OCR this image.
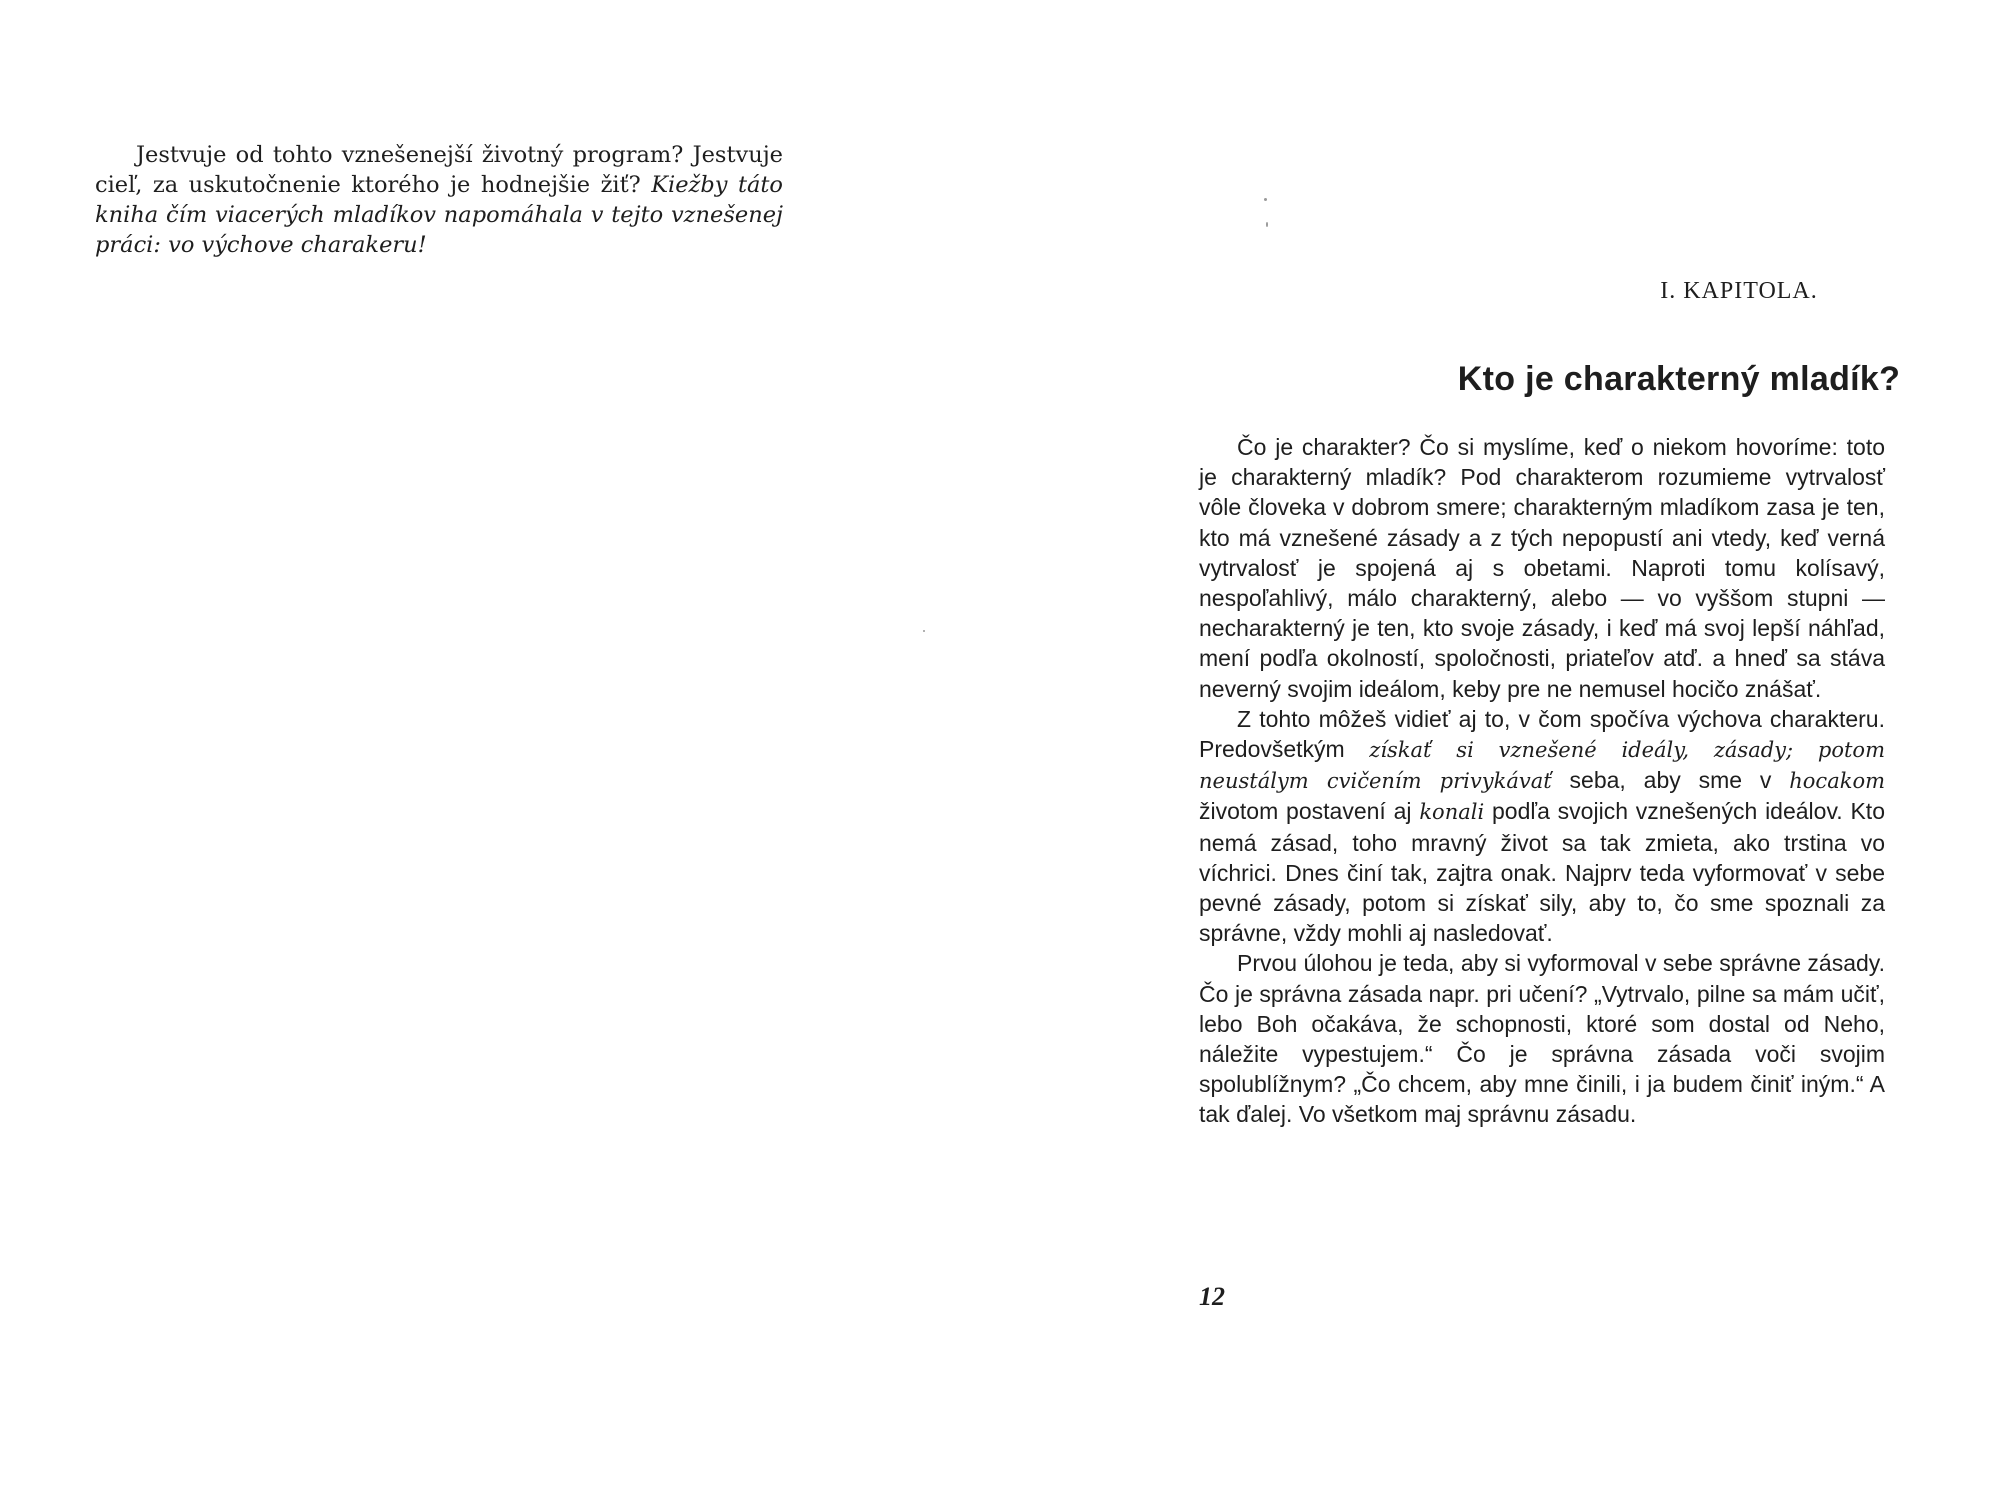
Jestvuje od tohto vznešenejší životný program? Jestvuje cieľ, za uskutočnenie ktorého je hodnejšie žiť? Kiežby táto kniha čím viacerých mladíkov napomáhala v tejto vznešenej práci: vo výchove charakeru!

I. KAPITOLA.
Kto je charakterný mladík?

Čo je charakter? Čo si myslíme, keď o niekom hovoríme: toto je charakterný mladík? Pod charakterom rozumieme vytrvalosť vôle človeka v dobrom smere; charakterným mladíkom zasa je ten, kto má vznešené zásady a z tých nepopustí ani vtedy, keď verná vytrvalosť je spojená aj s obetami. Naproti tomu kolísavý, nespoľahlivý, málo charakterný, alebo — vo vyššom stupni — necharakterný je ten, kto svoje zásady, i keď má svoj lepší náhľad, mení podľa okolností, spoločnosti, priateľov atď. a hneď sa stáva neverný svojim ideálom, keby pre ne nemusel hocičo znášať.

Z tohto môžeš vidieť aj to, v čom spočíva výchova charakteru. Predovšetkým získať si vznešené ideály, zásady; potom neustálym cvičením privykávať seba, aby sme v hocakom životom postavení aj konali podľa svojich vznešených ideálov. Kto nemá zásad, toho mravný život sa tak zmieta, ako trstina vo víchrici. Dnes činí tak, zajtra onak. Najprv teda vyformovať v sebe pevné zásady, potom si získať sily, aby to, čo sme spoznali za správne, vždy mohli aj nasledovať.

Prvou úlohou je teda, aby si vyformoval v sebe správne zásady. Čo je správna zásada napr. pri učení? „Vytrvalo, pilne sa mám učiť, lebo Boh očakáva, že schopnosti, ktoré som dostal od Neho, náležite vypestujem.“ Čo je správna zásada voči svojim spolublížnym? „Čo chcem, aby mne činili, i ja budem činiť iným.“ A tak ďalej. Vo všetkom maj správnu zásadu.

12
